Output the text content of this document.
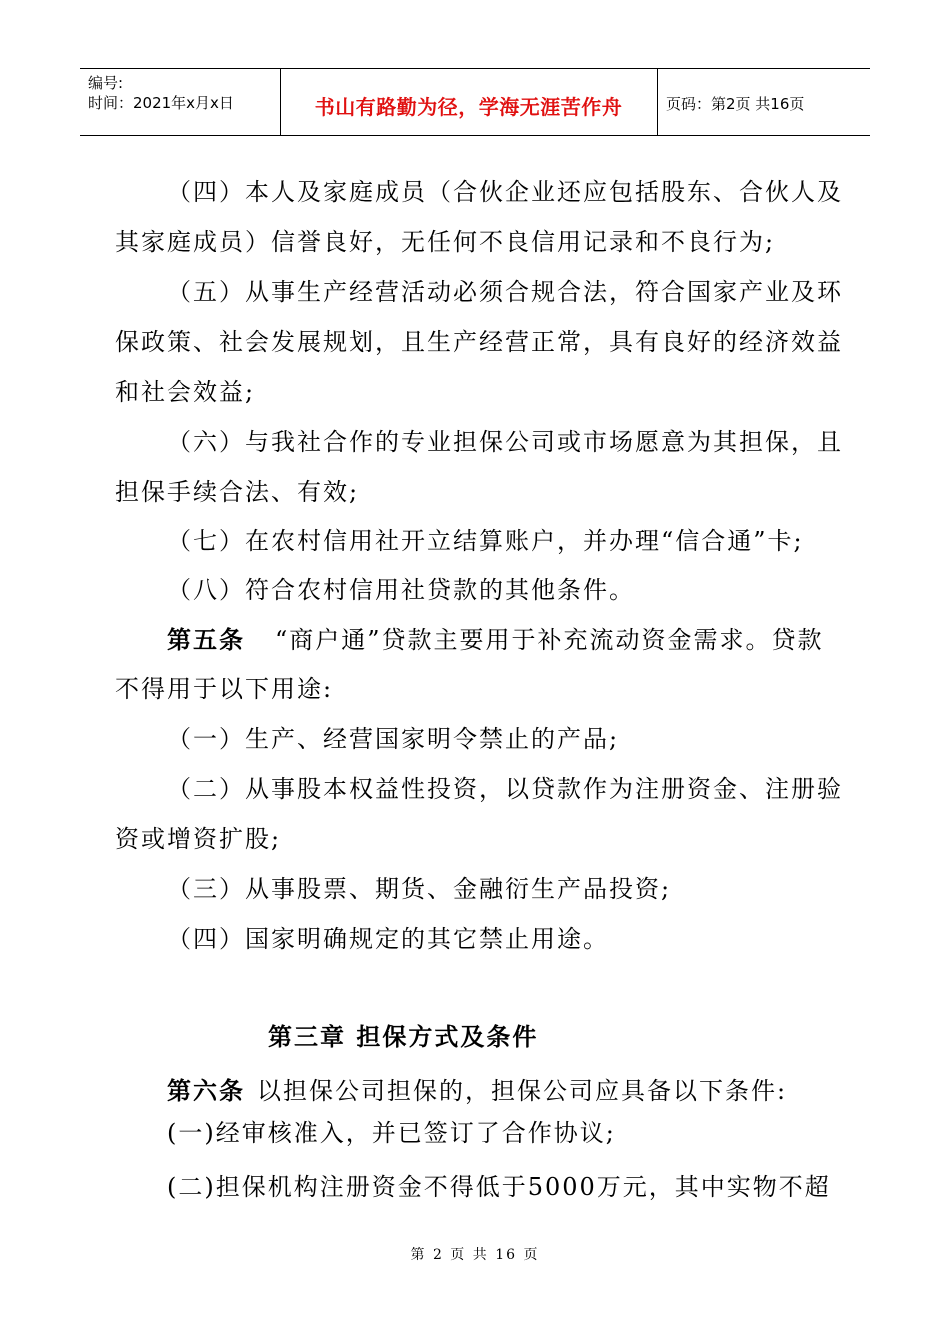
编号:
时间：2021年x月x日	书山有路勤为径，学海无涯苦作舟	页码：第2页 共16页
（四）本人及家庭成员（合伙企业还应包括股东、合伙人及
其家庭成员）信誉良好，无任何不良信用记录和不良行为;
（五）从事生产经营活动必须合规合法，符合国家产业及环
保政策、社会发展规划，且生产经营正常，具有良好的经济效益
和社会效益;
（六）与我社合作的专业担保公司或市场愿意为其担保，且
担保手续合法、有效;
（七）在农村信用社开立结算账户，并办理“信合通”卡;
（八）符合农村信用社贷款的其他条件。
第五条 “商户通”贷款主要用于补充流动资金需求。贷款
不得用于以下用途:
（一）生产、经营国家明令禁止的产品;
（二）从事股本权益性投资，以贷款作为注册资金、注册验
资或增资扩股;
（三）从事股票、期货、金融衍生产品投资;
（四）国家明确规定的其它禁止用途。
第三章 担保方式及条件
第六条 以担保公司担保的，担保公司应具备以下条件:
(一)经审核准入，并已签订了合作协议;
(二)担保机构注册资金不得低于5000万元，其中实物不超
第 2 页 共 16 页
